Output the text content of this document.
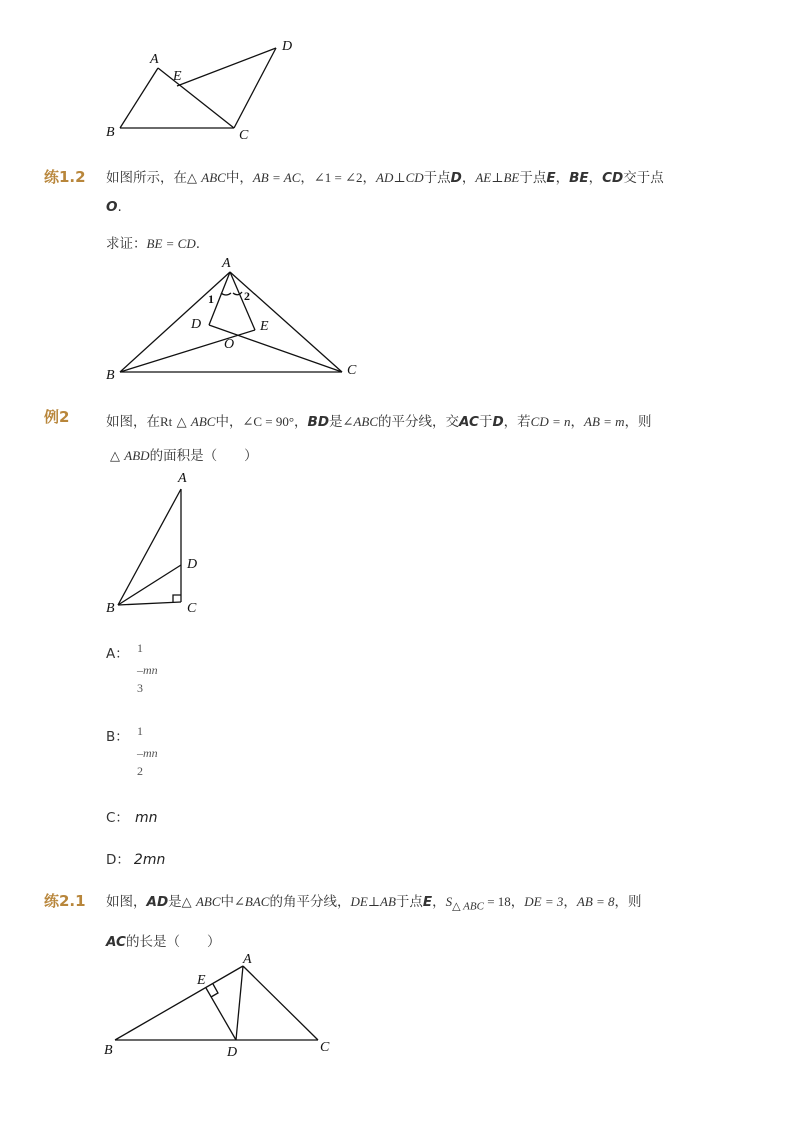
A
E
D
B	C
练1.2 如图所示，在△ ABC中，AB = AC，∠1 = ∠2，AD⊥CD于点D，AE⊥BE于点E，BE，CD交于点
O.
求证：BE = CD.
A
1	2
D	E
O
B	C
例2	如图，在Rt △ ABC中，∠C = 90°，BD是∠ABC的平分线，交AC于D，若CD = n，AB = m，则
△ ABD的面积是（　　）
A
D
B	C
A： 1
–mn
3
B： 1
–mn
2
C： mn
D： 2mn
练2.1 如图，AD是△ ABC中∠BAC的角平分线，DE⊥AB于点E，$S_{\triangle ABC} = 18$，DE = 3，AB = 8，则
AC的长是（　　）
A
E
B	D	C
